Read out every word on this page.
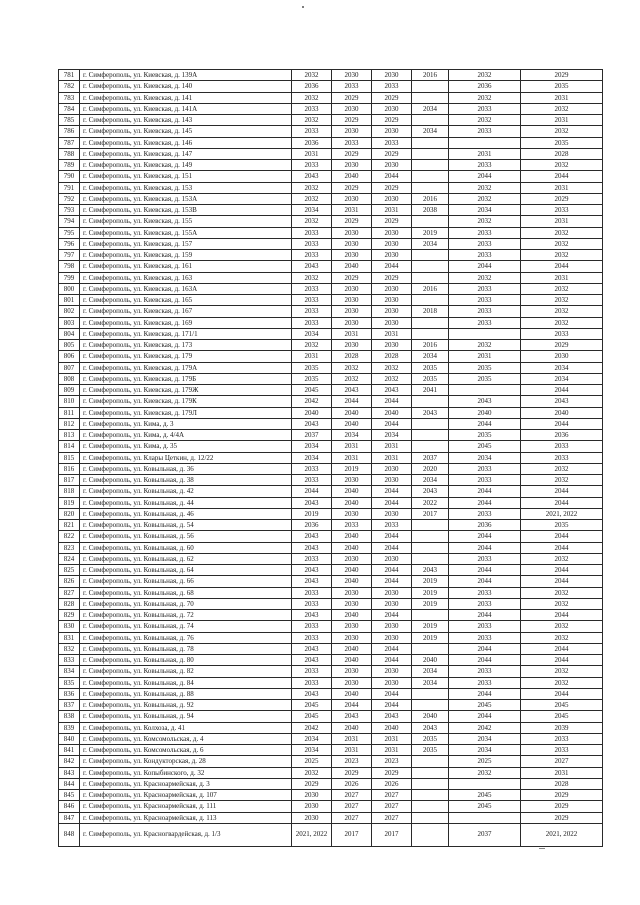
781	г. Симферополь, ул. Киевская, д. 139А	2032	2030	2030	2016	2032	2029
782	г. Симферополь, ул. Киевская, д. 140	2036	2033	2033		2036	2035
783	г. Симферополь, ул. Киевская, д. 141	2032	2029	2029		2032	2031
784	г. Симферополь, ул. Киевская, д. 141А	2033	2030	2030	2034	2033	2032
785	г. Симферополь, ул. Киевская, д. 143	2032	2029	2029		2032	2031
786	г. Симферополь, ул. Киевская, д. 145	2033	2030	2030	2034	2033	2032
787	г. Симферополь, ул. Киевская, д. 146	2036	2033	2033			2035
788	г. Симферополь, ул. Киевская, д. 147	2031	2029	2029		2031	2028
789	г. Симферополь, ул. Киевская, д. 149	2033	2030	2030		2033	2032
790	г. Симферополь, ул. Киевская, д. 151	2043	2040	2044		2044	2044
791	г. Симферополь, ул. Киевская, д. 153	2032	2029	2029		2032	2031
792	г. Симферополь, ул. Киевская, д. 153А	2032	2030	2030	2016	2032	2029
793	г. Симферополь, ул. Киевская, д. 153В	2034	2031	2031	2038	2034	2033
794	г. Симферополь, ул. Киевская, д. 155	2032	2029	2029		2032	2031
795	г. Симферополь, ул. Киевская, д. 155А	2033	2030	2030	2019	2033	2032
796	г. Симферополь, ул. Киевская, д. 157	2033	2030	2030	2034	2033	2032
797	г. Симферополь, ул. Киевская, д. 159	2033	2030	2030		2033	2032
798	г. Симферополь, ул. Киевская, д. 161	2043	2040	2044		2044	2044
799	г. Симферополь, ул. Киевская, д. 163	2032	2029	2029		2032	2031
800	г. Симферополь, ул. Киевская, д. 163А	2033	2030	2030	2016	2033	2032
801	г. Симферополь, ул. Киевская, д. 165	2033	2030	2030		2033	2032
802	г. Симферополь, ул. Киевская, д. 167	2033	2030	2030	2018	2033	2032
803	г. Симферополь, ул. Киевская, д. 169	2033	2030	2030		2033	2032
804	г. Симферополь, ул. Киевская, д. 171/1	2034	2031	2031			2033
805	г. Симферополь, ул. Киевская, д. 173	2032	2030	2030	2016	2032	2029
806	г. Симферополь, ул. Киевская, д. 179	2031	2028	2028	2034	2031	2030
807	г. Симферополь, ул. Киевская, д. 179А	2035	2032	2032	2035	2035	2034
808	г. Симферополь, ул. Киевская, д. 179Б	2035	2032	2032	2035	2035	2034
809	г. Симферополь, ул. Киевская, д. 179Ж	2045	2043	2043	2041		2044
810	г. Симферополь, ул. Киевская, д. 179К	2042	2044	2044		2043	2043
811	г. Симферополь, ул. Киевская, д. 179Л	2040	2040	2040	2043	2040	2040
812	г. Симферополь, ул. Кима, д. 3	2043	2040	2044		2044	2044
813	г. Симферополь, ул. Кима, д. 4/4А	2037	2034	2034		2035	2036
814	г. Симферополь, ул. Кима, д. 35	2034	2031	2031		2045	2033
815	г. Симферополь, ул. Клары Цеткин, д. 12/22	2034	2031	2031	2037	2034	2033
816	г. Симферополь, ул. Ковыльная, д. 36	2033	2019	2030	2020	2033	2032
817	г. Симферополь, ул. Ковыльная, д. 38	2033	2030	2030	2034	2033	2032
818	г. Симферополь, ул. Ковыльная, д. 42	2044	2040	2044	2043	2044	2044
819	г. Симферополь, ул. Ковыльная, д. 44	2043	2040	2044	2022	2044	2044
820	г. Симферополь, ул. Ковыльная, д. 46	2019	2030	2030	2017	2033	2021, 2022
821	г. Симферополь, ул. Ковыльная, д. 54	2036	2033	2033		2036	2035
822	г. Симферополь, ул. Ковыльная, д. 56	2043	2040	2044		2044	2044
823	г. Симферополь, ул. Ковыльная, д. 60	2043	2040	2044		2044	2044
824	г. Симферополь, ул. Ковыльная, д. 62	2033	2030	2030		2033	2032
825	г. Симферополь, ул. Ковыльная, д. 64	2043	2040	2044	2043	2044	2044
826	г. Симферополь, ул. Ковыльная, д. 66	2043	2040	2044	2019	2044	2044
827	г. Симферополь, ул. Ковыльная, д. 68	2033	2030	2030	2019	2033	2032
828	г. Симферополь, ул. Ковыльная, д. 70	2033	2030	2030	2019	2033	2032
829	г. Симферополь, ул. Ковыльная, д. 72	2043	2040	2044		2044	2044
830	г. Симферополь, ул. Ковыльная, д. 74	2033	2030	2030	2019	2033	2032
831	г. Симферополь, ул. Ковыльная, д. 76	2033	2030	2030	2019	2033	2032
832	г. Симферополь, ул. Ковыльная, д. 78	2043	2040	2044		2044	2044
833	г. Симферополь, ул. Ковыльная, д. 80	2043	2040	2044	2040	2044	2044
834	г. Симферополь, ул. Ковыльная, д. 82	2033	2030	2030	2034	2033	2032
835	г. Симферополь, ул. Ковыльная, д. 84	2033	2030	2030	2034	2033	2032
836	г. Симферополь, ул. Ковыльная, д. 88	2043	2040	2044		2044	2044
837	г. Симферополь, ул. Ковыльная, д. 92	2045	2044	2044		2045	2045
838	г. Симферополь, ул. Ковыльная, д. 94	2045	2043	2043	2040	2044	2045
839	г. Симферополь, ул. Колхоза, д. 41	2042	2040	2040	2043	2042	2039
840	г. Симферополь, ул. Комсомольская, д. 4	2034	2031	2031	2035	2034	2033
841	г. Симферополь, ул. Комсомольская, д. 6	2034	2031	2031	2035	2034	2033
842	г. Симферополь, ул. Кондукторская, д. 28	2025	2023	2023		2025	2027
843	г. Симферополь, ул. Копыбинского, д. 32	2032	2029	2029		2032	2031
844	г. Симферополь, ул. Красноармейская, д. 3	2029	2026	2026			2028
845	г. Симферополь, ул. Красноармейская, д. 107	2030	2027	2027		2045	2029
846	г. Симферополь, ул. Красноармейская, д. 111	2030	2027	2027		2045	2029
847	г. Симферополь, ул. Красноармейская, д. 113	2030	2027	2027			2029
848	г. Симферополь, ул. Красногвардейская, д. 1/3	2021, 2022	2017	2017		2037	2021, 2022
